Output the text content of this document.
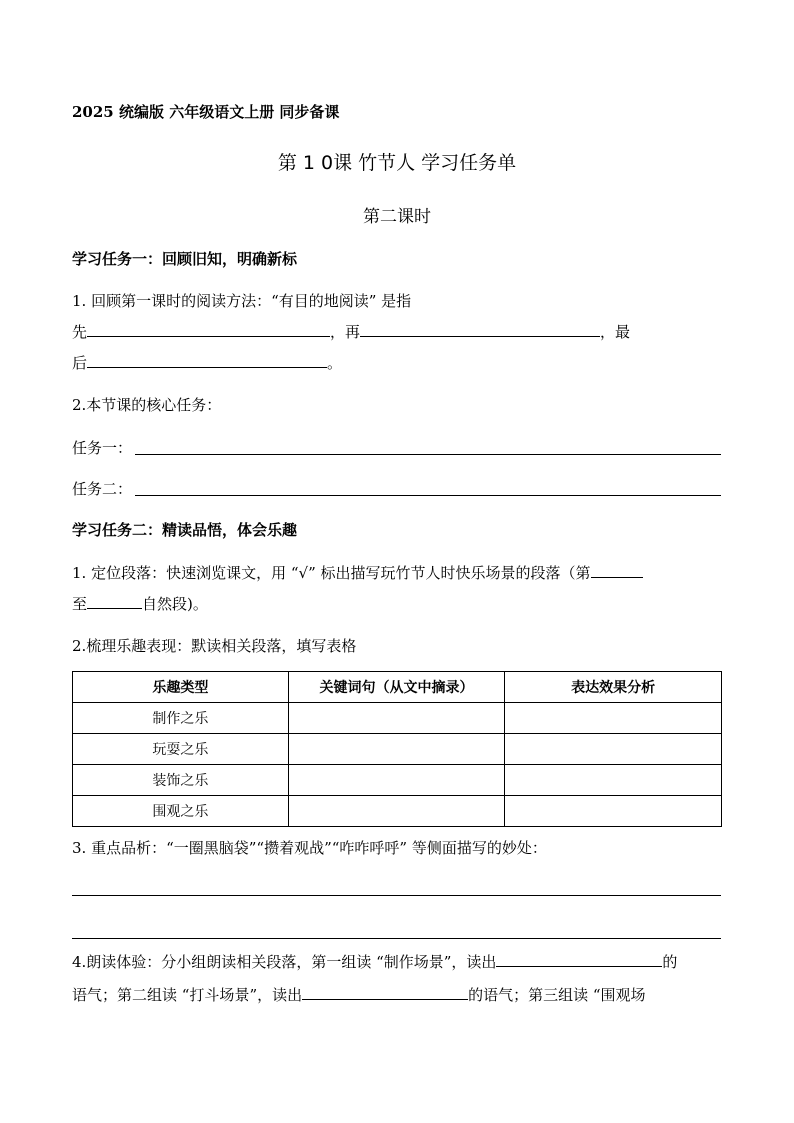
2025 统编版 六年级语文上册 同步备课
第 1 0课 竹节人 学习任务单
第二课时
学习任务一：回顾旧知，明确新标
1. 回顾第一课时的阅读方法：“有目的地阅读” 是指
先	，再	，最
后	。
2.本节课的核心任务：
任务一：
任务二：
学习任务二：精读品悟，体会乐趣
1. 定位段落：快速浏览课文，用 “√” 标出描写玩竹节人时快乐场景的段落（第
至	自然段)。
2.梳理乐趣表现：默读相关段落，填写表格
乐趣类型	关键词句（从文中摘录）	表达效果分析
制作之乐		
玩耍之乐		
装饰之乐		
围观之乐		
3. 重点品析：“一圈黑脑袋”“攒着观战”“咋咋呼呼” 等侧面描写的妙处：
4.朗读体验：分小组朗读相关段落，第一组读 “制作场景”，读出	的
语气；第二组读 “打斗场景”，读出	的语气；第三组读 “围观场
